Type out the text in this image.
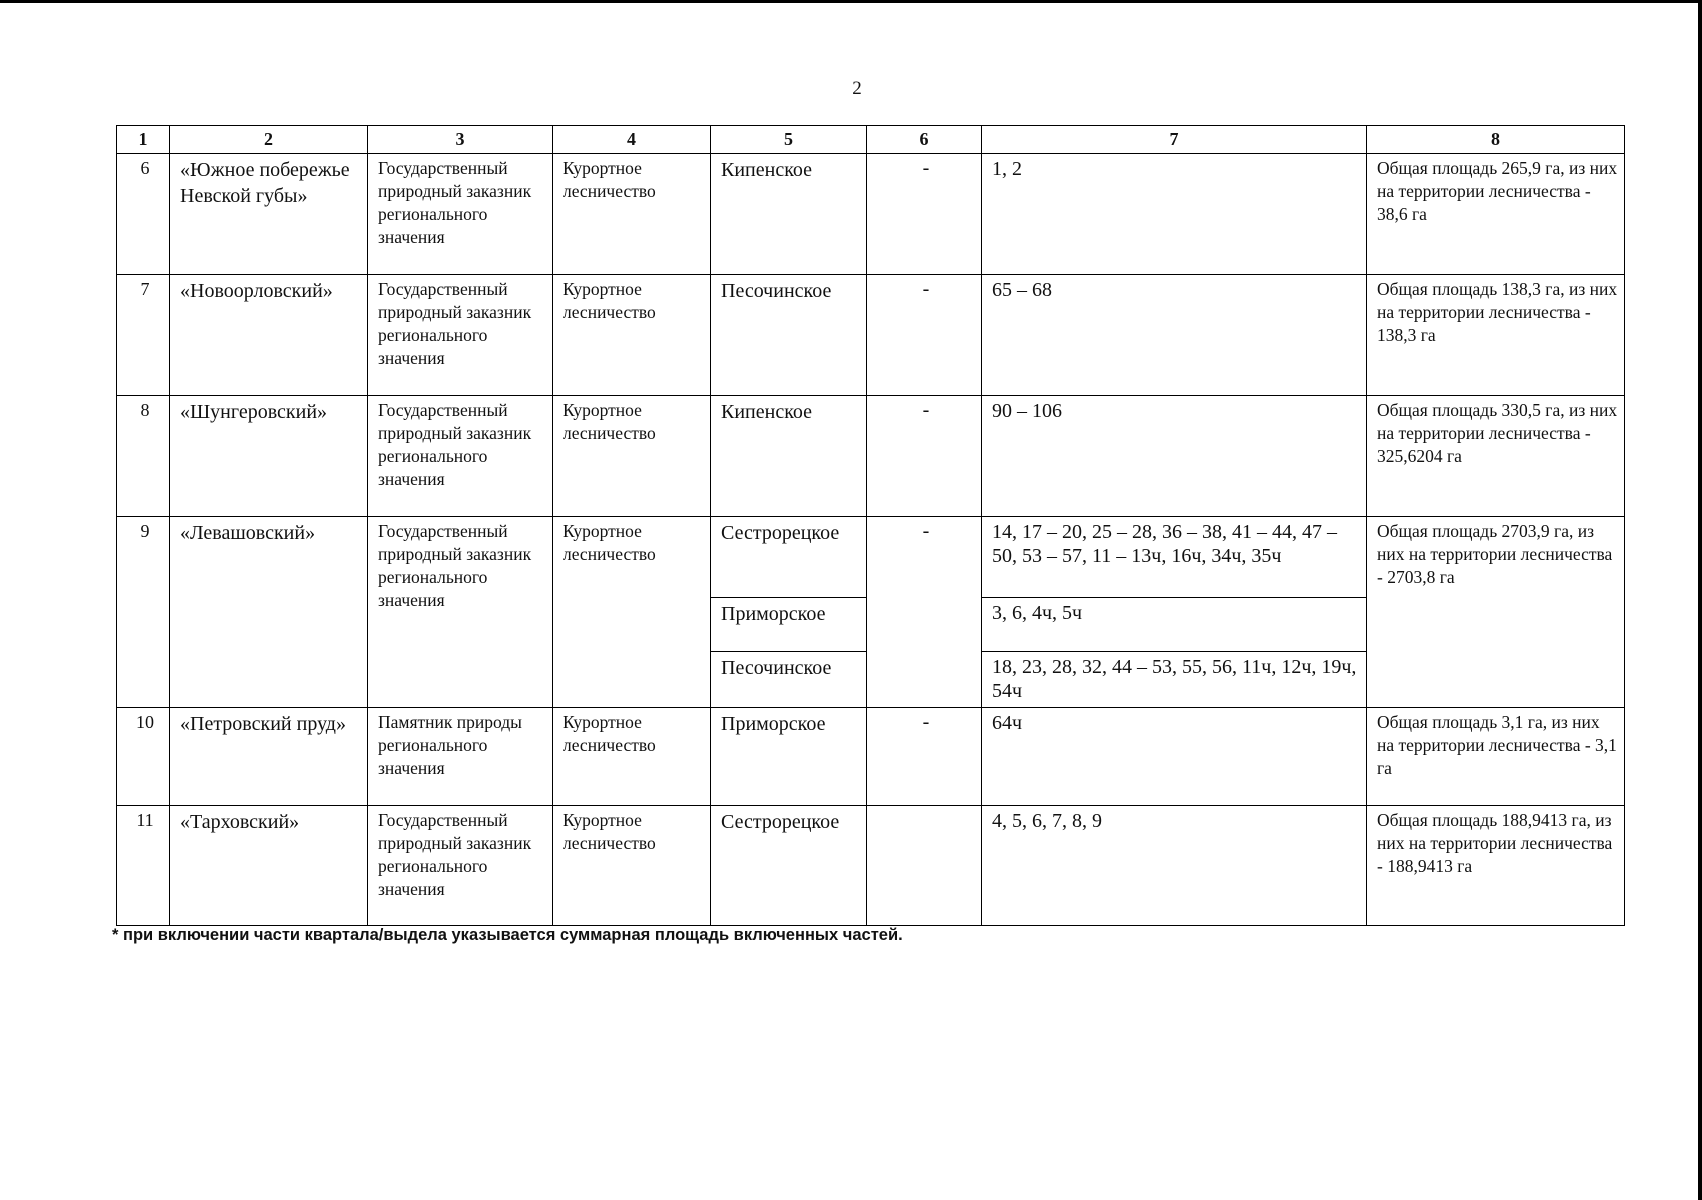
2
1	2	3	4	5	6	7	8
6	«Южное побережье Невской губы»	Государственный природный заказник регионального значения	Курортное лесничество	Кипенское	-	1, 2	Общая площадь 265,9 га, из них на территории лесничества - 38,6 га
7	«Новоорловский»	Государственный природный заказник регионального значения	Курортное лесничество	Песочинское	-	65 – 68	Общая площадь 138,3 га, из них на территории лесничества - 138,3 га
8	«Шунгеровский»	Государственный природный заказник регионального значения	Курортное лесничество	Кипенское	-	90 – 106	Общая площадь 330,5 га, из них на территории лесничества - 325,6204 га
9	«Левашовский»	Государственный природный заказник регионального значения	Курортное лесничество	Сестрорецкое	-	14, 17 – 20, 25 – 28, 36 – 38, 41 – 44, 47 – 50, 53 – 57, 11 – 13ч, 16ч, 34ч, 35ч	Общая площадь 2703,9 га, из них на территории лесничества - 2703,8 га
				Приморское		3, 6, 4ч, 5ч	
				Песочинское		18, 23, 28, 32, 44 – 53, 55, 56, 11ч, 12ч, 19ч, 54ч	
10	«Петровский пруд»	Памятник природы регионального значения	Курортное лесничество	Приморское	-	64ч	Общая площадь 3,1 га, из них на территории лесничества - 3,1 га
11	«Тарховский»	Государственный природный заказник регионального значения	Курортное лесничество	Сестрорецкое		4, 5, 6, 7, 8, 9	Общая площадь 188,9413 га, из них на территории лесничества - 188,9413 га
* при включении части квартала/выдела указывается суммарная площадь включенных частей.
